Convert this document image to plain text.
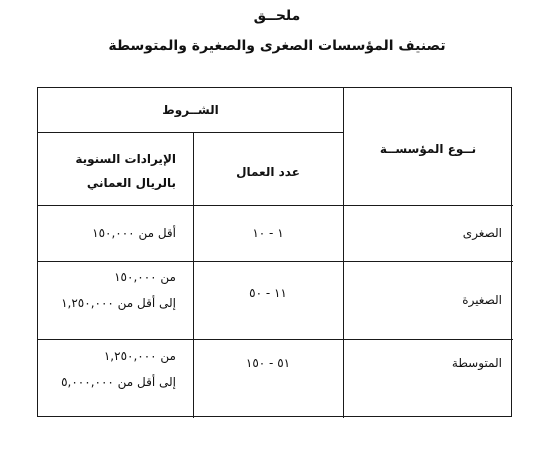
ملحــق
تصنيف المؤسسات الصغرى والصغيرة والمتوسطة
الشــروط
نــوع المؤسســة
عدد العمال
الإيرادات السنوية
بالريال العماني
الصغرى
١ - ١٠
أقل من ١٥٠,٠٠٠
الصغيرة
١١ - ٥٠
من ١٥٠,٠٠٠
إلى أقل من ١,٢٥٠,٠٠٠
المتوسطة
٥١ - ١٥٠
من ١,٢٥٠,٠٠٠
إلى أقل من ٥,٠٠٠,٠٠٠
